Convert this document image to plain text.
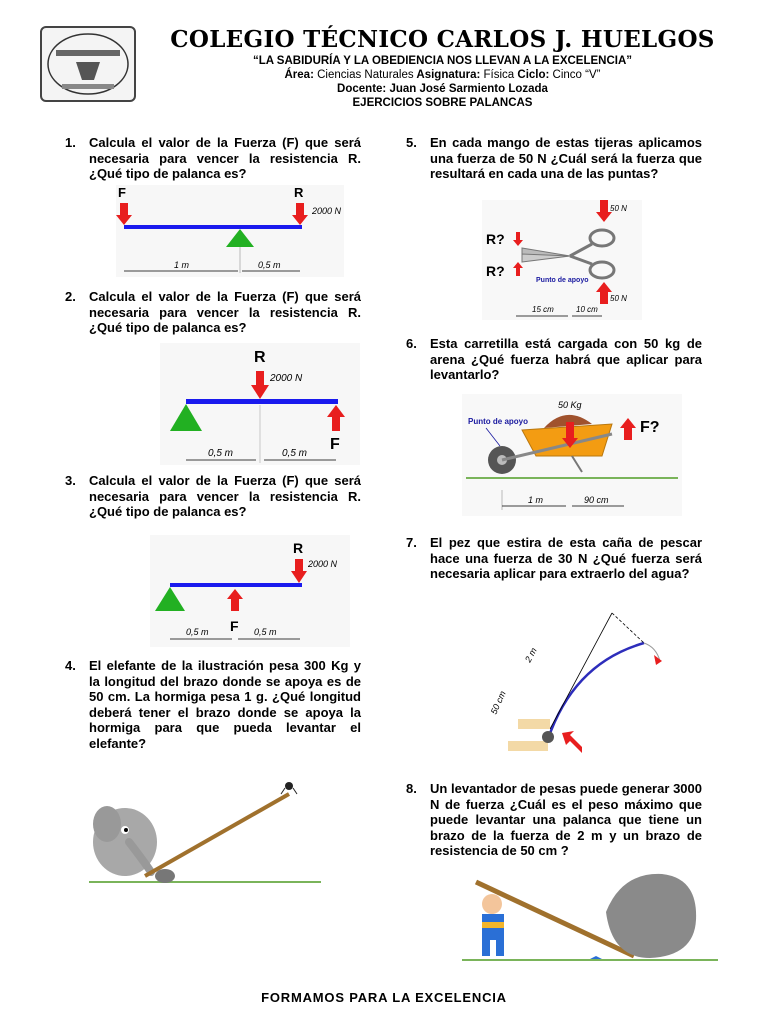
COLEGIO TÉCNICO CARLOS J. HUELGOS
“LA SABIDURÍA Y LA OBEDIENCIA NOS LLEVAN A LA EXCELENCIA”
Área: Ciencias Naturales Asignatura: Física Ciclo: Cinco “V”
Docente: Juan José Sarmiento Lozada
EJERCICIOS SOBRE PALANCAS
1. Calcula el valor de la Fuerza (F) que será necesaria para vencer la resistencia R. ¿Qué tipo de palanca es?
2. Calcula el valor de la Fuerza (F) que será necesaria para vencer la resistencia R. ¿Qué tipo de palanca es?
3. Calcula el valor de la Fuerza (F) que será necesaria para vencer la resistencia R. ¿Qué tipo de palanca es?
4. El elefante de la ilustración pesa 300 Kg y la longitud del brazo donde se apoya es de 50 cm. La hormiga pesa 1 g. ¿Qué longitud deberá tener el brazo donde se apoya la hormiga para que pueda levantar el elefante?
5. En cada mango de estas tijeras aplicamos una fuerza de 50 N ¿Cuál será la fuerza que resultará en cada una de las puntas?
6. Esta carretilla está cargada con 50 kg de arena ¿Qué fuerza habrá que aplicar para levantarlo?
7. El pez que estira de esta caña de pescar hace una fuerza de 30 N ¿Qué fuerza será necesaria aplicar para extraerlo del agua?
8. Un levantador de pesas puede generar 3000 N de fuerza ¿Cuál es el peso máximo que puede levantar una palanca que tiene un brazo de la fuerza de 2 m y un brazo de resistencia de 50 cm ?
F	R
2000 N
1 m	0,5 m
R
2000 N
F
0,5 m	0,5 m
R
2000 N
F
0,5 m	0,5 m
R?
R?
50 N
50 N
Punto de apoyo
15 cm	10 cm
Punto de apoyo
50 Kg
F?
1 m	90 cm
2 m
50 cm
FORMAMOS PARA LA EXCELENCIA
